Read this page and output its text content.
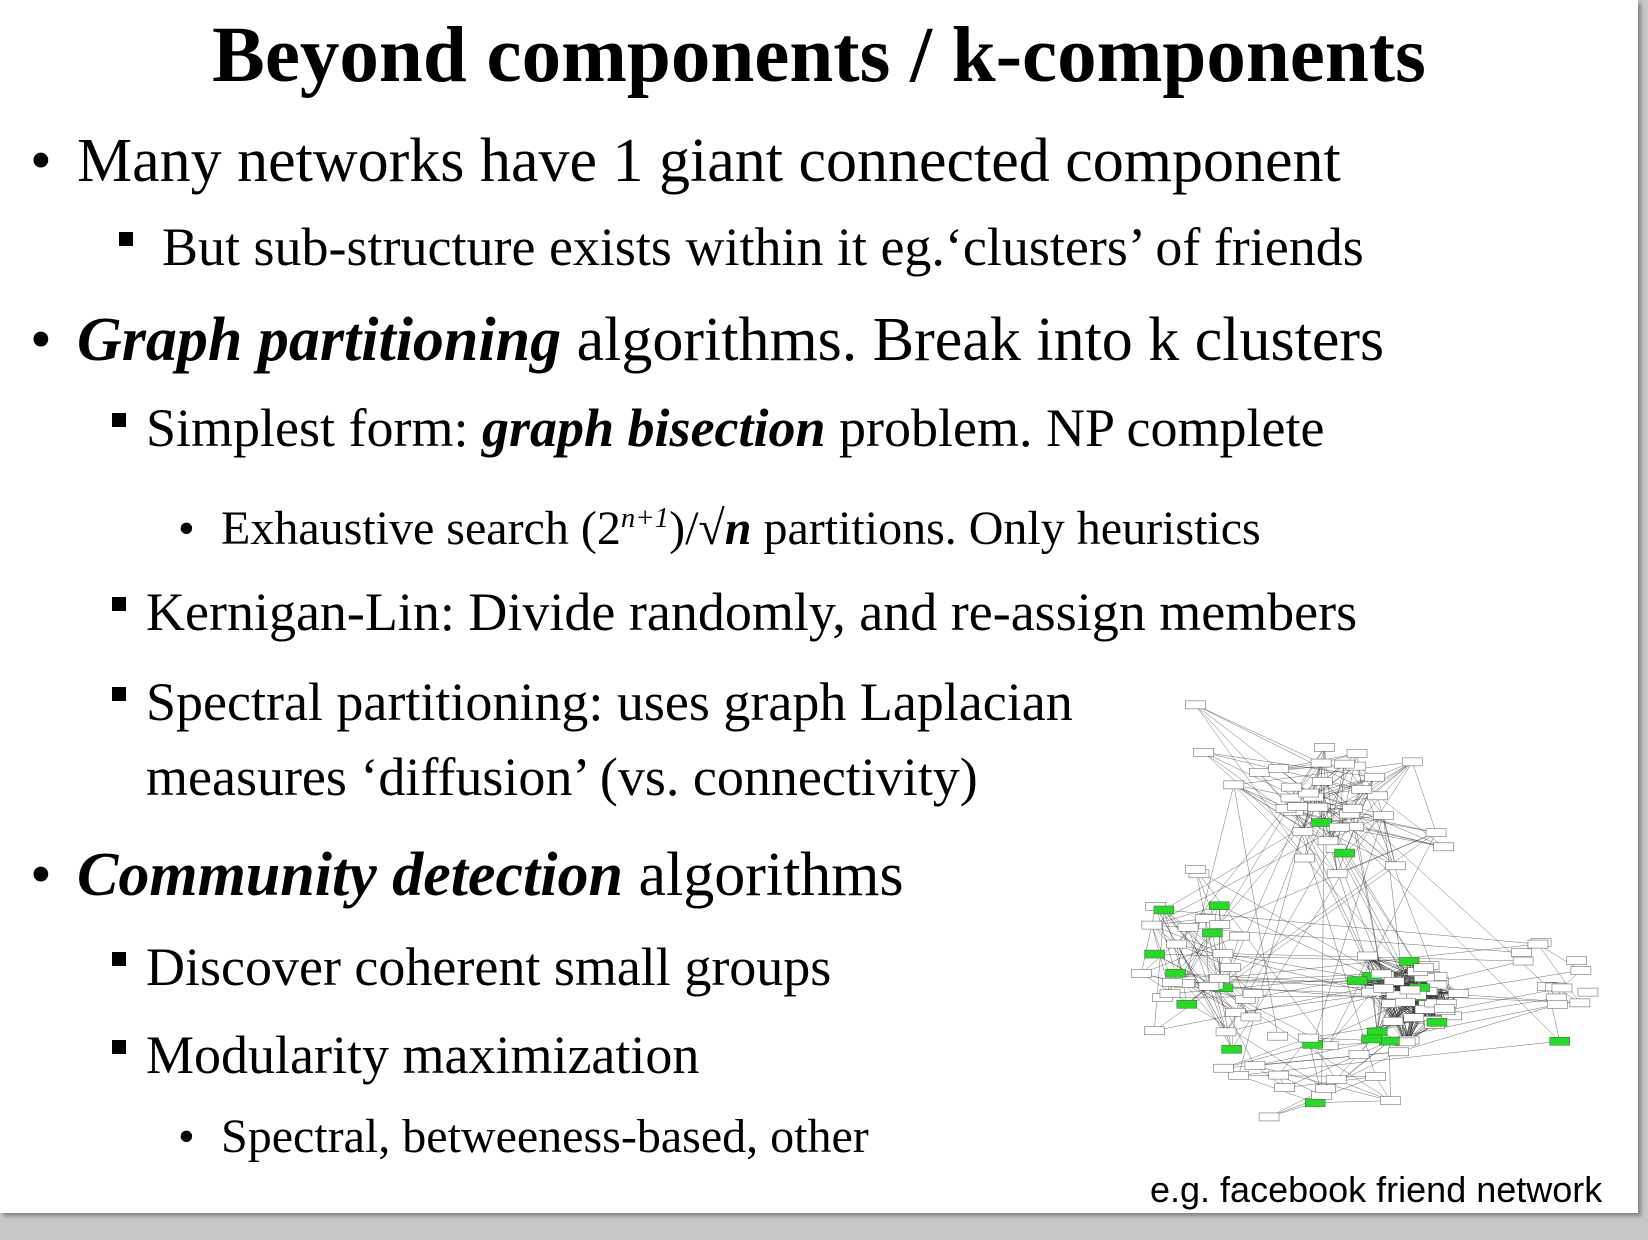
Beyond components / k-components
• Many networks have 1 giant connected component
But sub-structure exists within it eg.‘clusters’ of friends
• Graph partitioning algorithms. Break into k clusters
Simplest form: graph bisection problem. NP complete
• Exhaustive search $(2^{n+1})/√n$ partitions. Only heuristics
Kernigan-Lin: Divide randomly, and re-assign members
Spectral partitioning: uses graph Laplacian
measures ‘diffusion’ (vs. connectivity)
• Community detection algorithms
Discover coherent small groups
Modularity maximization
• Spectral, betweeness-based, other
e.g. facebook friend network
